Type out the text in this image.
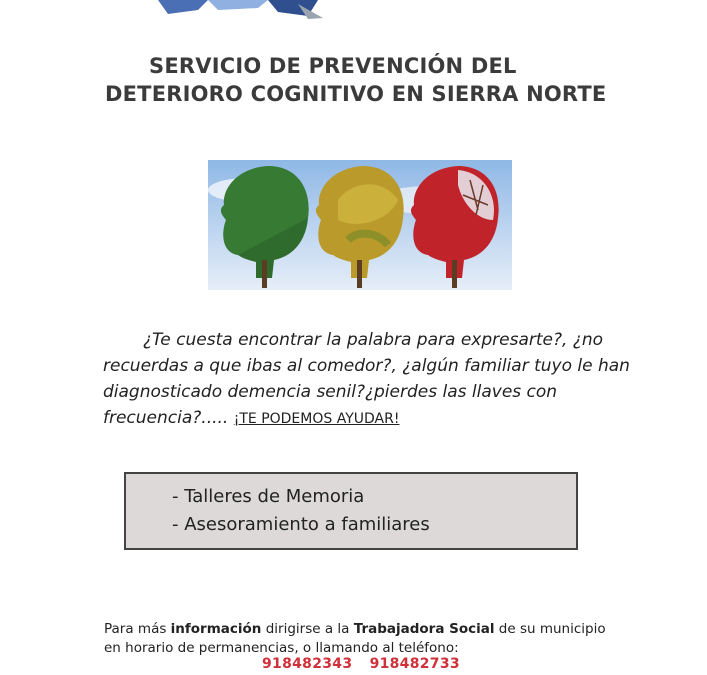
SERVICIO DE PREVENCIÓN DEL
DETERIORO COGNITIVO EN SIERRA NORTE
¿Te cuesta encontrar la palabra para expresarte?, ¿no recuerdas a que ibas al comedor?, ¿algún familiar tuyo le han diagnosticado demencia senil?¿pierdes las llaves con frecuencia?..... ¡TE PODEMOS AYUDAR!
- Talleres de Memoria
- Asesoramiento a familiares
Para más información dirigirse a la Trabajadora Social de su municipio en horario de permanencias, o llamando al teléfono:
918482343 918482733
